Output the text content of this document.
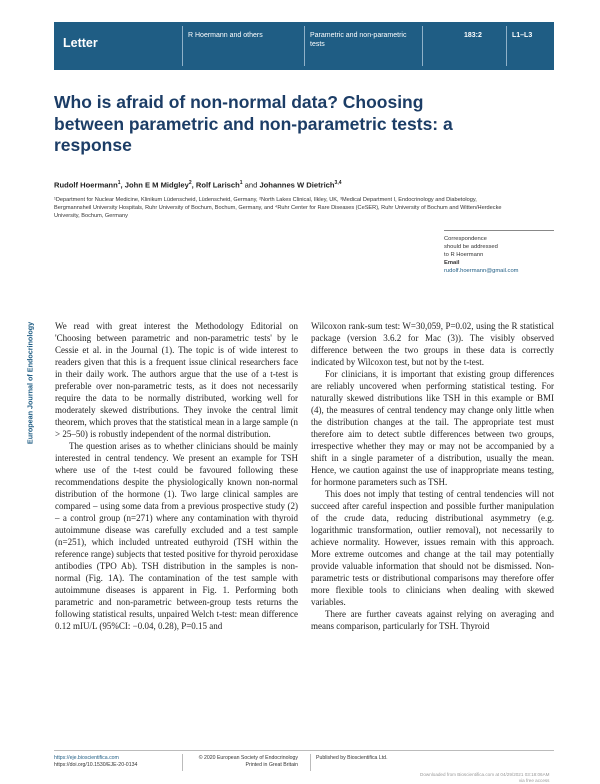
Letter
R Hoermann and others	Parametric and non-parametric tests
183:2	L1–L3
Who is afraid of non-normal data? Choosing between parametric and non-parametric tests: a response
Rudolf Hoermann$^1$, John E M Midgley$^2$, Rolf Larisch$^1$ and Johannes W Dietrich$^{3,4}$
¹Department for Nuclear Medicine, Klinikum Lüdenscheid, Lüdenscheid, Germany, ²North Lakes Clinical, Ilkley, UK, ³Medical Department I, Endocrinology and Diabetology, Bergmannsheil University Hospitals, Ruhr University of Bochum, Bochum, Germany, and ⁴Ruhr Center for Rare Diseases (CeSER), Ruhr University of Bochum and Witten/Herdecke University, Bochum, Germany
Correspondence
should be addressed
to R Hoermann
Email
rudolf.hoermann@gmail.com
European Journal of Endocrinology We read with great interest the Methodology Editorial on 'Choosing between parametric and non-parametric tests' by le Cessie et al. in the Journal (1). The topic is of wide interest to readers given that this is a frequent issue clinical researchers face in their daily work. The authors argue that the use of a t-test is preferable over non-parametric tests, as it does not necessarily require the data to be normally distributed, working well for moderately skewed distributions. They invoke the central limit theorem, which proves that the statistical mean in a large sample (n > 25–50) is robustly independent of the normal distribution.

The question arises as to whether clinicians should be mainly interested in central tendency. We present an example for TSH where use of the t-test could be favoured following these recommendations despite the physiologically known non-normal distribution of the hormone (1). Two large clinical samples are compared – using some data from a previous prospective study (2) – a control group (n=271) where any contamination with thyroid autoimmune disease was carefully excluded and a test sample (n=251), which included untreated euthyroid (TSH within the reference range) subjects that tested positive for thyroid peroxidase antibodies (TPO Ab). TSH distribution in the samples is non-normal (Fig. 1A). The contamination of the test sample with autoimmune diseases is apparent in Fig. 1. Performing both parametric and non-parametric between-group tests returns the following statistical results, unpaired Welch t-test: mean difference 0.12 mIU/L (95%CI: −0.04, 0.28), P=0.15 and

Wilcoxon rank-sum test: W=30,059, P=0.02, using the R statistical package (version 3.6.2 for Mac (3)). The visibly observed difference between the two groups in these data is correctly indicated by Wilcoxon test, but not by the t-test.

For clinicians, it is important that existing group differences are reliably uncovered when performing statistical testing. For naturally skewed distributions like TSH in this example or BMI (4), the measures of central tendency may change only little when the distribution changes at the tail. The appropriate test must therefore aim to detect subtle differences between two groups, irrespective whether they may or may not be accompanied by a shift in a single parameter of a distribution, usually the mean. Hence, we caution against the use of inappropriate means testing, for hormone parameters such as TSH.

This does not imply that testing of central tendencies will not succeed after careful inspection and possible further manipulation of the crude data, reducing distributional asymmetry (e.g. logarithmic transformation, outlier removal), not necessarily to achieve normality. However, issues remain with this approach. More extreme outcomes and change at the tail may potentially provide valuable information that should not be dismissed. Non-parametric tests or distributional comparisons may therefore offer more flexible tools to clinicians when dealing with skewed variables.

There are further caveats against relying on averaging and means comparison, particularly for TSH. Thyroid

https://eje.bioscientifica.com
https://doi.org/10.1530/EJE-20-0134
© 2020 European Society of Endocrinology
Printed in Great Britain
Published by Bioscientifica Ltd.
Downloaded from Bioscientifica.com at 04/29/2021 03:18:06AM
via free access
